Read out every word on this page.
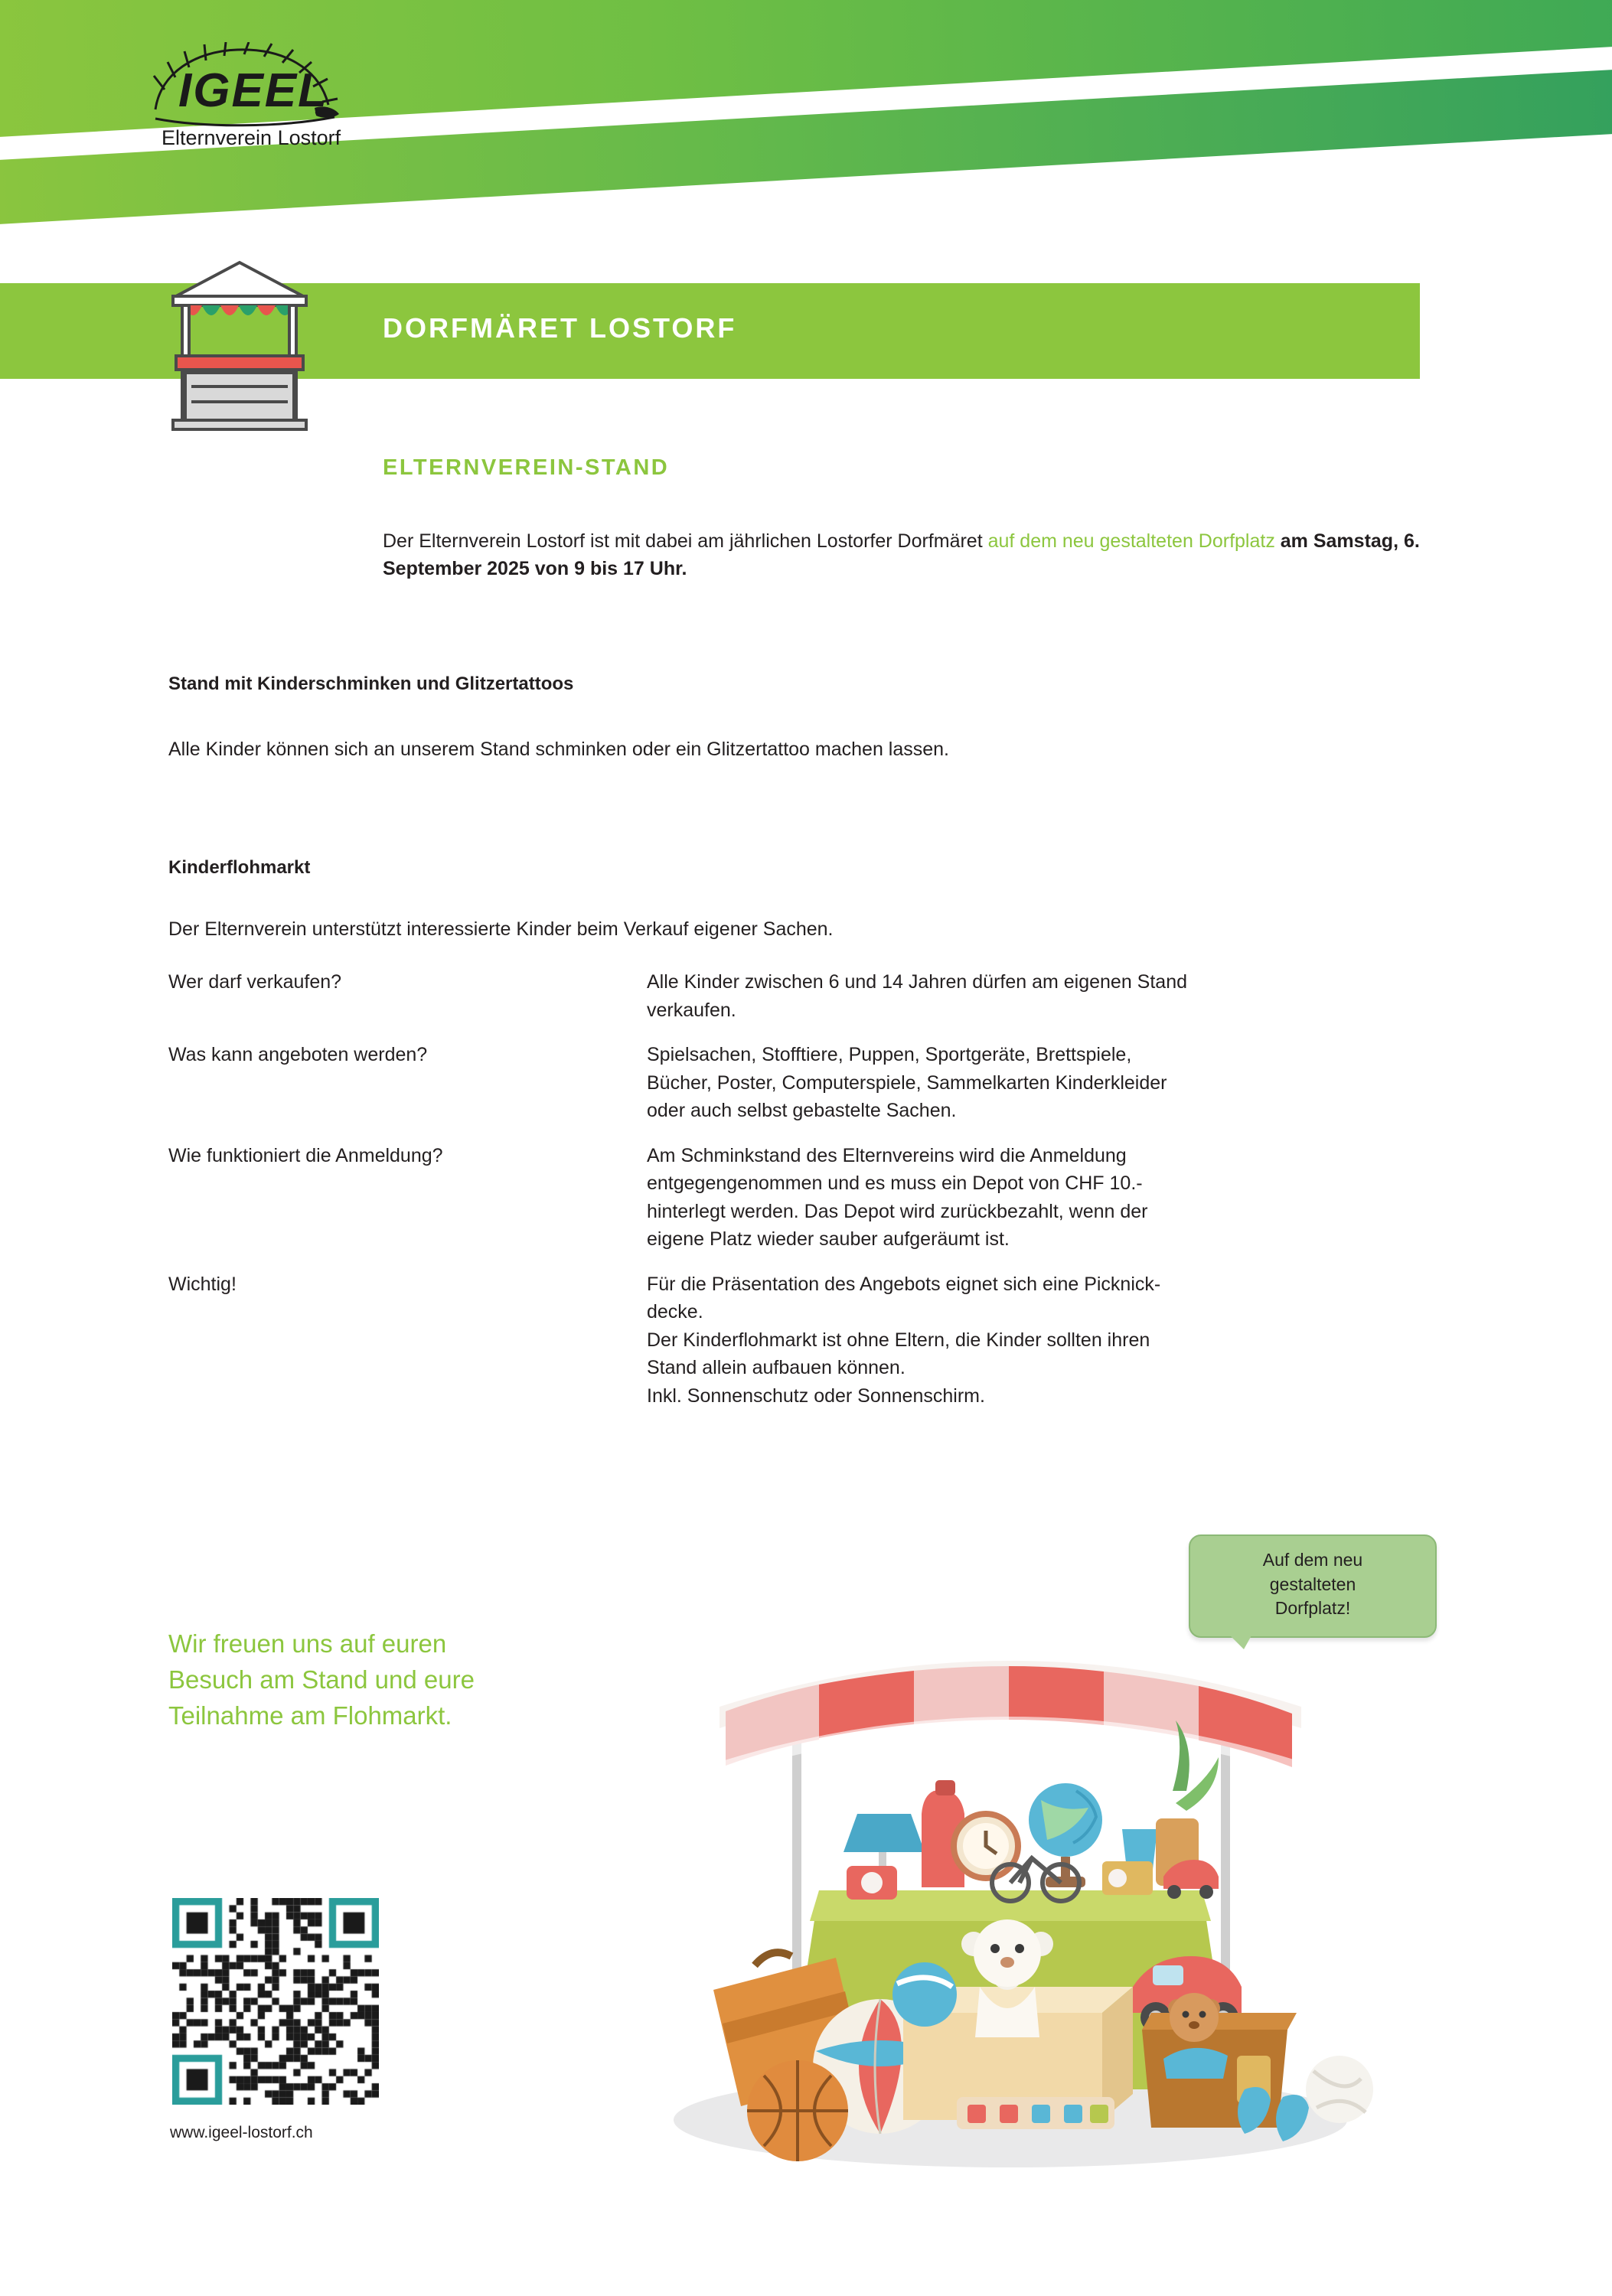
IGEEL
Elternverein Lostorf
DORFMÄRET LOSTORF
ELTERNVEREIN-STAND
Der Elternverein Lostorf ist mit dabei am jährlichen Lostorfer Dorfmäret auf dem neu gestalteten Dorfplatz am Samstag, 6. September 2025 von 9 bis 17 Uhr.
Stand mit Kinderschminken und Glitzertattoos
Alle Kinder können sich an unserem Stand schminken oder ein Glitzertattoo machen lassen.
Kinderflohmarkt
Der Elternverein unterstützt interessierte Kinder beim Verkauf eigener Sachen.
Wer darf verkaufen?	Alle Kinder zwischen 6 und 14 Jahren dürfen am eigenen Stand
verkaufen.
Was kann angeboten werden?	Spielsachen, Stofftiere, Puppen, Sportgeräte, Brettspiele,
Bücher, Poster, Computerspiele, Sammelkarten Kinderkleider
oder auch selbst gebastelte Sachen.
Wie funktioniert die Anmeldung?	Am Schminkstand des Elternvereins wird die Anmeldung
entgegengenommen und es muss ein Depot von CHF 10.-
hinterlegt werden. Das Depot wird zurückbezahlt, wenn der
eigene Platz wieder sauber aufgeräumt ist.
Wichtig!	Für die Präsentation des Angebots eignet sich eine Picknick-
decke.
Der Kinderflohmarkt ist ohne Eltern, die Kinder sollten ihren
Stand allein aufbauen können.
Inkl. Sonnenschutz oder Sonnenschirm.
Wir freuen uns auf euren
Besuch am Stand und eure
Teilnahme am Flohmarkt.
Auf dem neu
gestalteten
Dorfplatz!
www.igeel-lostorf.ch
